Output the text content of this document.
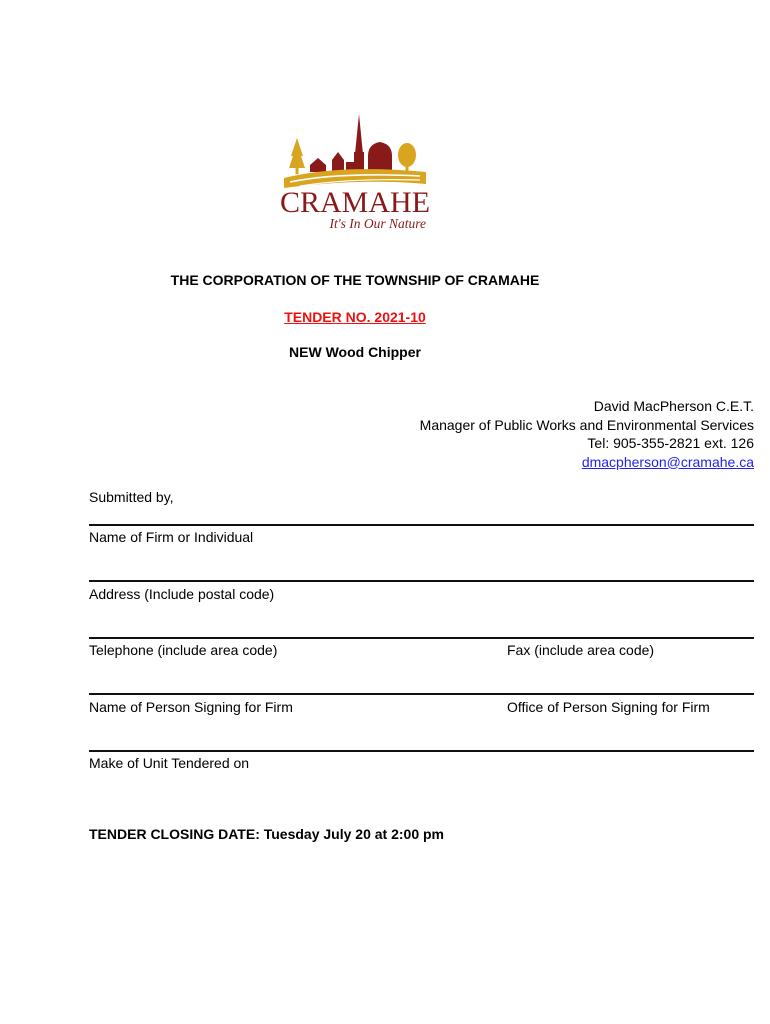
CRAMAHE
It's In Our Nature
THE CORPORATION OF THE TOWNSHIP OF CRAMAHE
TENDER NO. 2021-10
NEW Wood Chipper
David MacPherson C.E.T.
Manager of Public Works and Environmental Services
Tel: 905-355-2821 ext. 126
dmacpherson@cramahe.ca
Submitted by,
Name of Firm or Individual
Address (Include postal code)
Telephone (include area code)	Fax (include area code)
Name of Person Signing for Firm	Office of Person Signing for Firm
Make of Unit Tendered on
TENDER CLOSING DATE: Tuesday July 20 at 2:00 pm
